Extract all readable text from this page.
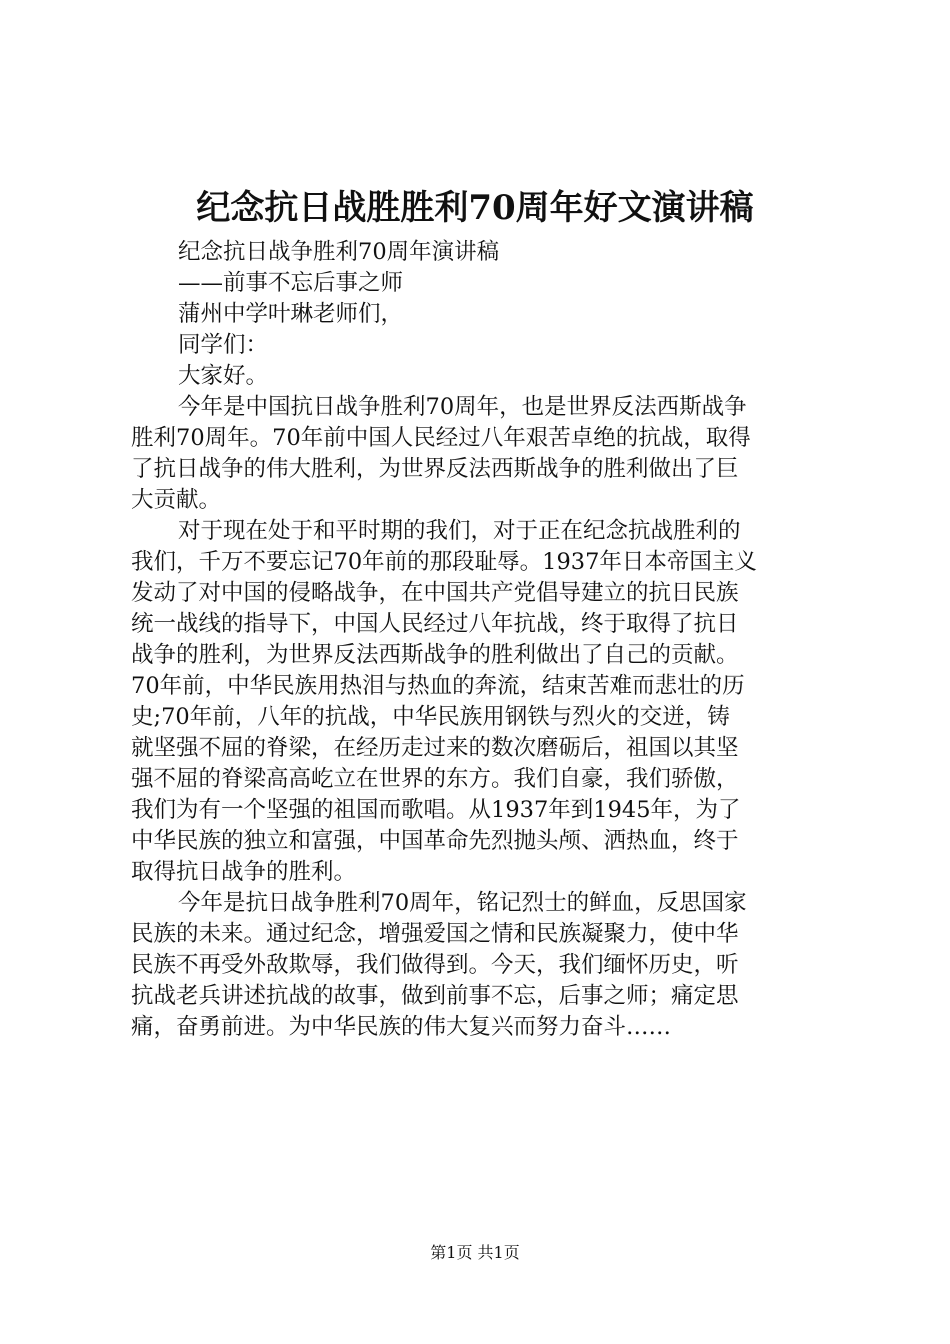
纪念抗日战胜胜利70周年好文演讲稿
纪念抗日战争胜利70周年演讲稿
——前事不忘后事之师
蒲州中学叶琳老师们，
同学们：
大家好。
今年是中国抗日战争胜利70周年，也是世界反法西斯战争
胜利70周年。70年前中国人民经过八年艰苦卓绝的抗战，取得
了抗日战争的伟大胜利，为世界反法西斯战争的胜利做出了巨
大贡献。
对于现在处于和平时期的我们，对于正在纪念抗战胜利的
我们，千万不要忘记70年前的那段耻辱。1937年日本帝国主义
发动了对中国的侵略战争，在中国共产党倡导建立的抗日民族
统一战线的指导下，中国人民经过八年抗战，终于取得了抗日
战争的胜利，为世界反法西斯战争的胜利做出了自己的贡献。
70年前，中华民族用热泪与热血的奔流，结束苦难而悲壮的历
史;70年前，八年的抗战，中华民族用钢铁与烈火的交迸，铸
就坚强不屈的脊梁，在经历走过来的数次磨砺后，祖国以其坚
强不屈的脊梁高高屹立在世界的东方。我们自豪，我们骄傲，
我们为有一个坚强的祖国而歌唱。从1937年到1945年，为了
中华民族的独立和富强，中国革命先烈抛头颅、洒热血，终于
取得抗日战争的胜利。
今年是抗日战争胜利70周年，铭记烈士的鲜血，反思国家
民族的未来。通过纪念，增强爱国之情和民族凝聚力，使中华
民族不再受外敌欺辱，我们做得到。今天，我们缅怀历史，听
抗战老兵讲述抗战的故事，做到前事不忘，后事之师；痛定思
痛，奋勇前进。为中华民族的伟大复兴而努力奋斗……
第1页 共1页
